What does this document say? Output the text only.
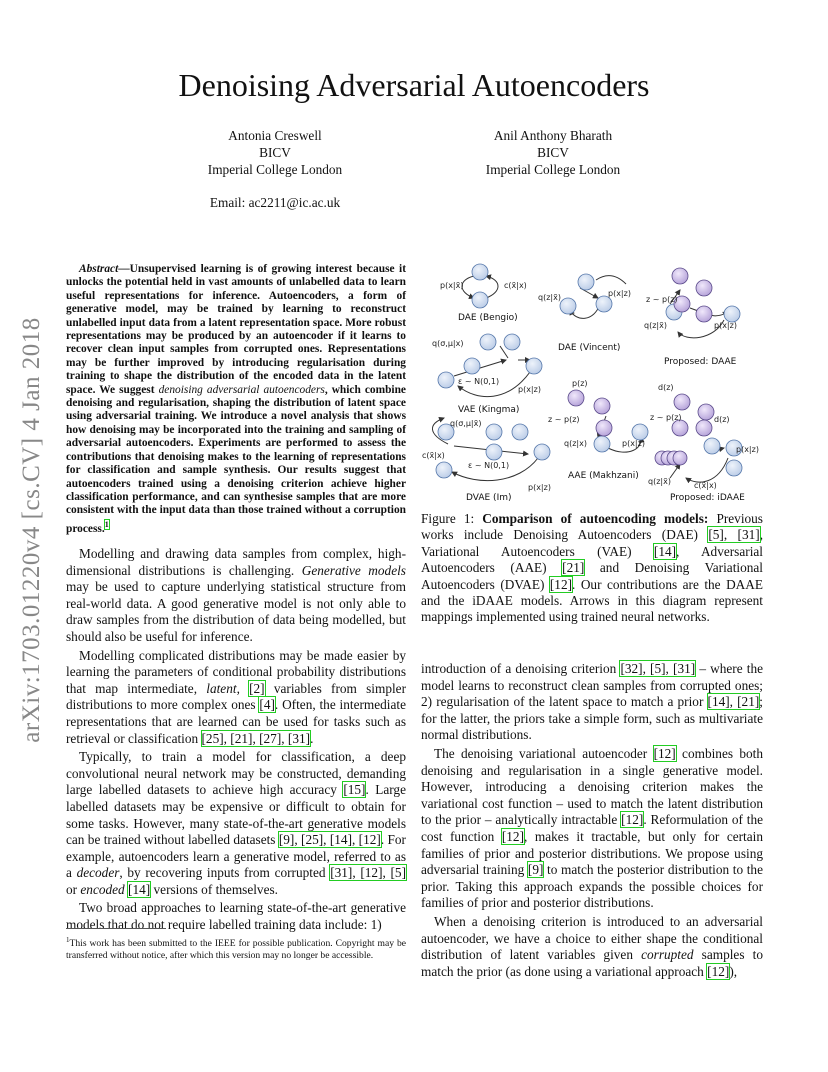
arXiv:1703.01220v4 [cs.CV] 4 Jan 2018
Denoising Adversarial Autoencoders
Antonia Creswell
BICV
Imperial College London
Anil Anthony Bharath
BICV
Imperial College London
Email: ac2211@ic.ac.uk
Abstract—Unsupervised learning is of growing interest because it unlocks the potential held in vast amounts of unlabelled data to learn useful representations for inference. Autoencoders, a form of generative model, may be trained by learning to reconstruct unlabelled input data from a latent representation space. More robust representations may be produced by an autoencoder if it learns to recover clean input samples from corrupted ones. Representations may be further improved by introducing regularisation during training to shape the distribution of the encoded data in the latent space. We suggest denoising adversarial autoencoders, which combine denoising and regularisation, shaping the distribution of latent space using adversarial training. We introduce a novel analysis that shows how denoising may be incorporated into the training and sampling of adversarial autoencoders. Experiments are performed to assess the contributions that denoising makes to the learning of representations for classification and sample synthesis. Our results suggest that autoencoders trained using a denoising criterion achieve higher classification performance, and can synthesise samples that are more consistent with the input data than those trained without a corruption process.$^1$

Modelling and drawing data samples from complex, high-dimensional distributions is challenging. Generative models may be used to capture underlying statistical structure from real-world data. A good generative model is not only able to draw samples from the distribution of data being modelled, but should also be useful for inference.

Modelling complicated distributions may be made easier by learning the parameters of conditional probability distributions that map intermediate, latent, [2] variables from simpler distributions to more complex ones [4]. Often, the intermediate representations that are learned can be used for tasks such as retrieval or classification [25], [21], [27], [31].

Typically, to train a model for classification, a deep convolutional neural network may be constructed, demanding large labelled datasets to achieve high accuracy [15]. Large labelled datasets may be expensive or difficult to obtain for some tasks. However, many state-of-the-art generative models can be trained without labelled datasets [9], [25], [14], [12]. For example, autoencoders learn a generative model, referred to as a decoder, by recovering inputs from corrupted [31], [12], [5] or encoded [14] versions of themselves.

Two broad approaches to learning state-of-the-art generative models that do not require labelled training data include: 1)

$^1$This work has been submitted to the IEEE for possible publication. Copyright may be transferred without notice, after which this version may no longer be accessible.
p(x|x̃)	c(x̃|x)
q(z|x̃)	p(x|z)
z ~ p(z)
q(z|x̃)	p(x|z)
q(σ,μ|x)
ε ~ N(0,1)
p(x|z)
p(z)
z ~ p(z)
q(z|x)	p(x|z)
d(z)
z ~ p(z)	d(z)
c(x̃|x)
q(σ,μ|x̃)
ε ~ N(0,1)
p(x|z)
q(z|x̃)	c(x̃|x)
p(x|z)
DAE (Bengio)
DAE (Vincent)
Proposed: DAAE
VAE (Kingma)
AAE (Makhzani)
DVAE (Im)	Proposed: iDAAE
Figure 1: Comparison of autoencoding models: Previous works include Denoising Autoencoders (DAE) [5], [31], Variational Autoencoders (VAE) [14], Adversarial Autoencoders (AAE) [21] and Denoising Variational Autoencoders (DVAE) [12]. Our contributions are the DAAE and the iDAAE models. Arrows in this diagram represent mappings implemented using trained neural networks.

introduction of a denoising criterion [32], [5], [31] – where the model learns to reconstruct clean samples from corrupted ones; 2) regularisation of the latent space to match a prior [14], [21]; for the latter, the priors take a simple form, such as multivariate normal distributions.

The denoising variational autoencoder [12] combines both denoising and regularisation in a single generative model. However, introducing a denoising criterion makes the variational cost function – used to match the latent distribution to the prior – analytically intractable [12]. Reformulation of the cost function [12], makes it tractable, but only for certain families of prior and posterior distributions. We propose using adversarial training [9] to match the posterior distribution to the prior. Taking this approach expands the possible choices for families of prior and posterior distributions.

When a denoising criterion is introduced to an adversarial autoencoder, we have a choice to either shape the conditional distribution of latent variables given corrupted samples to match the prior (as done using a variational approach [12]),
